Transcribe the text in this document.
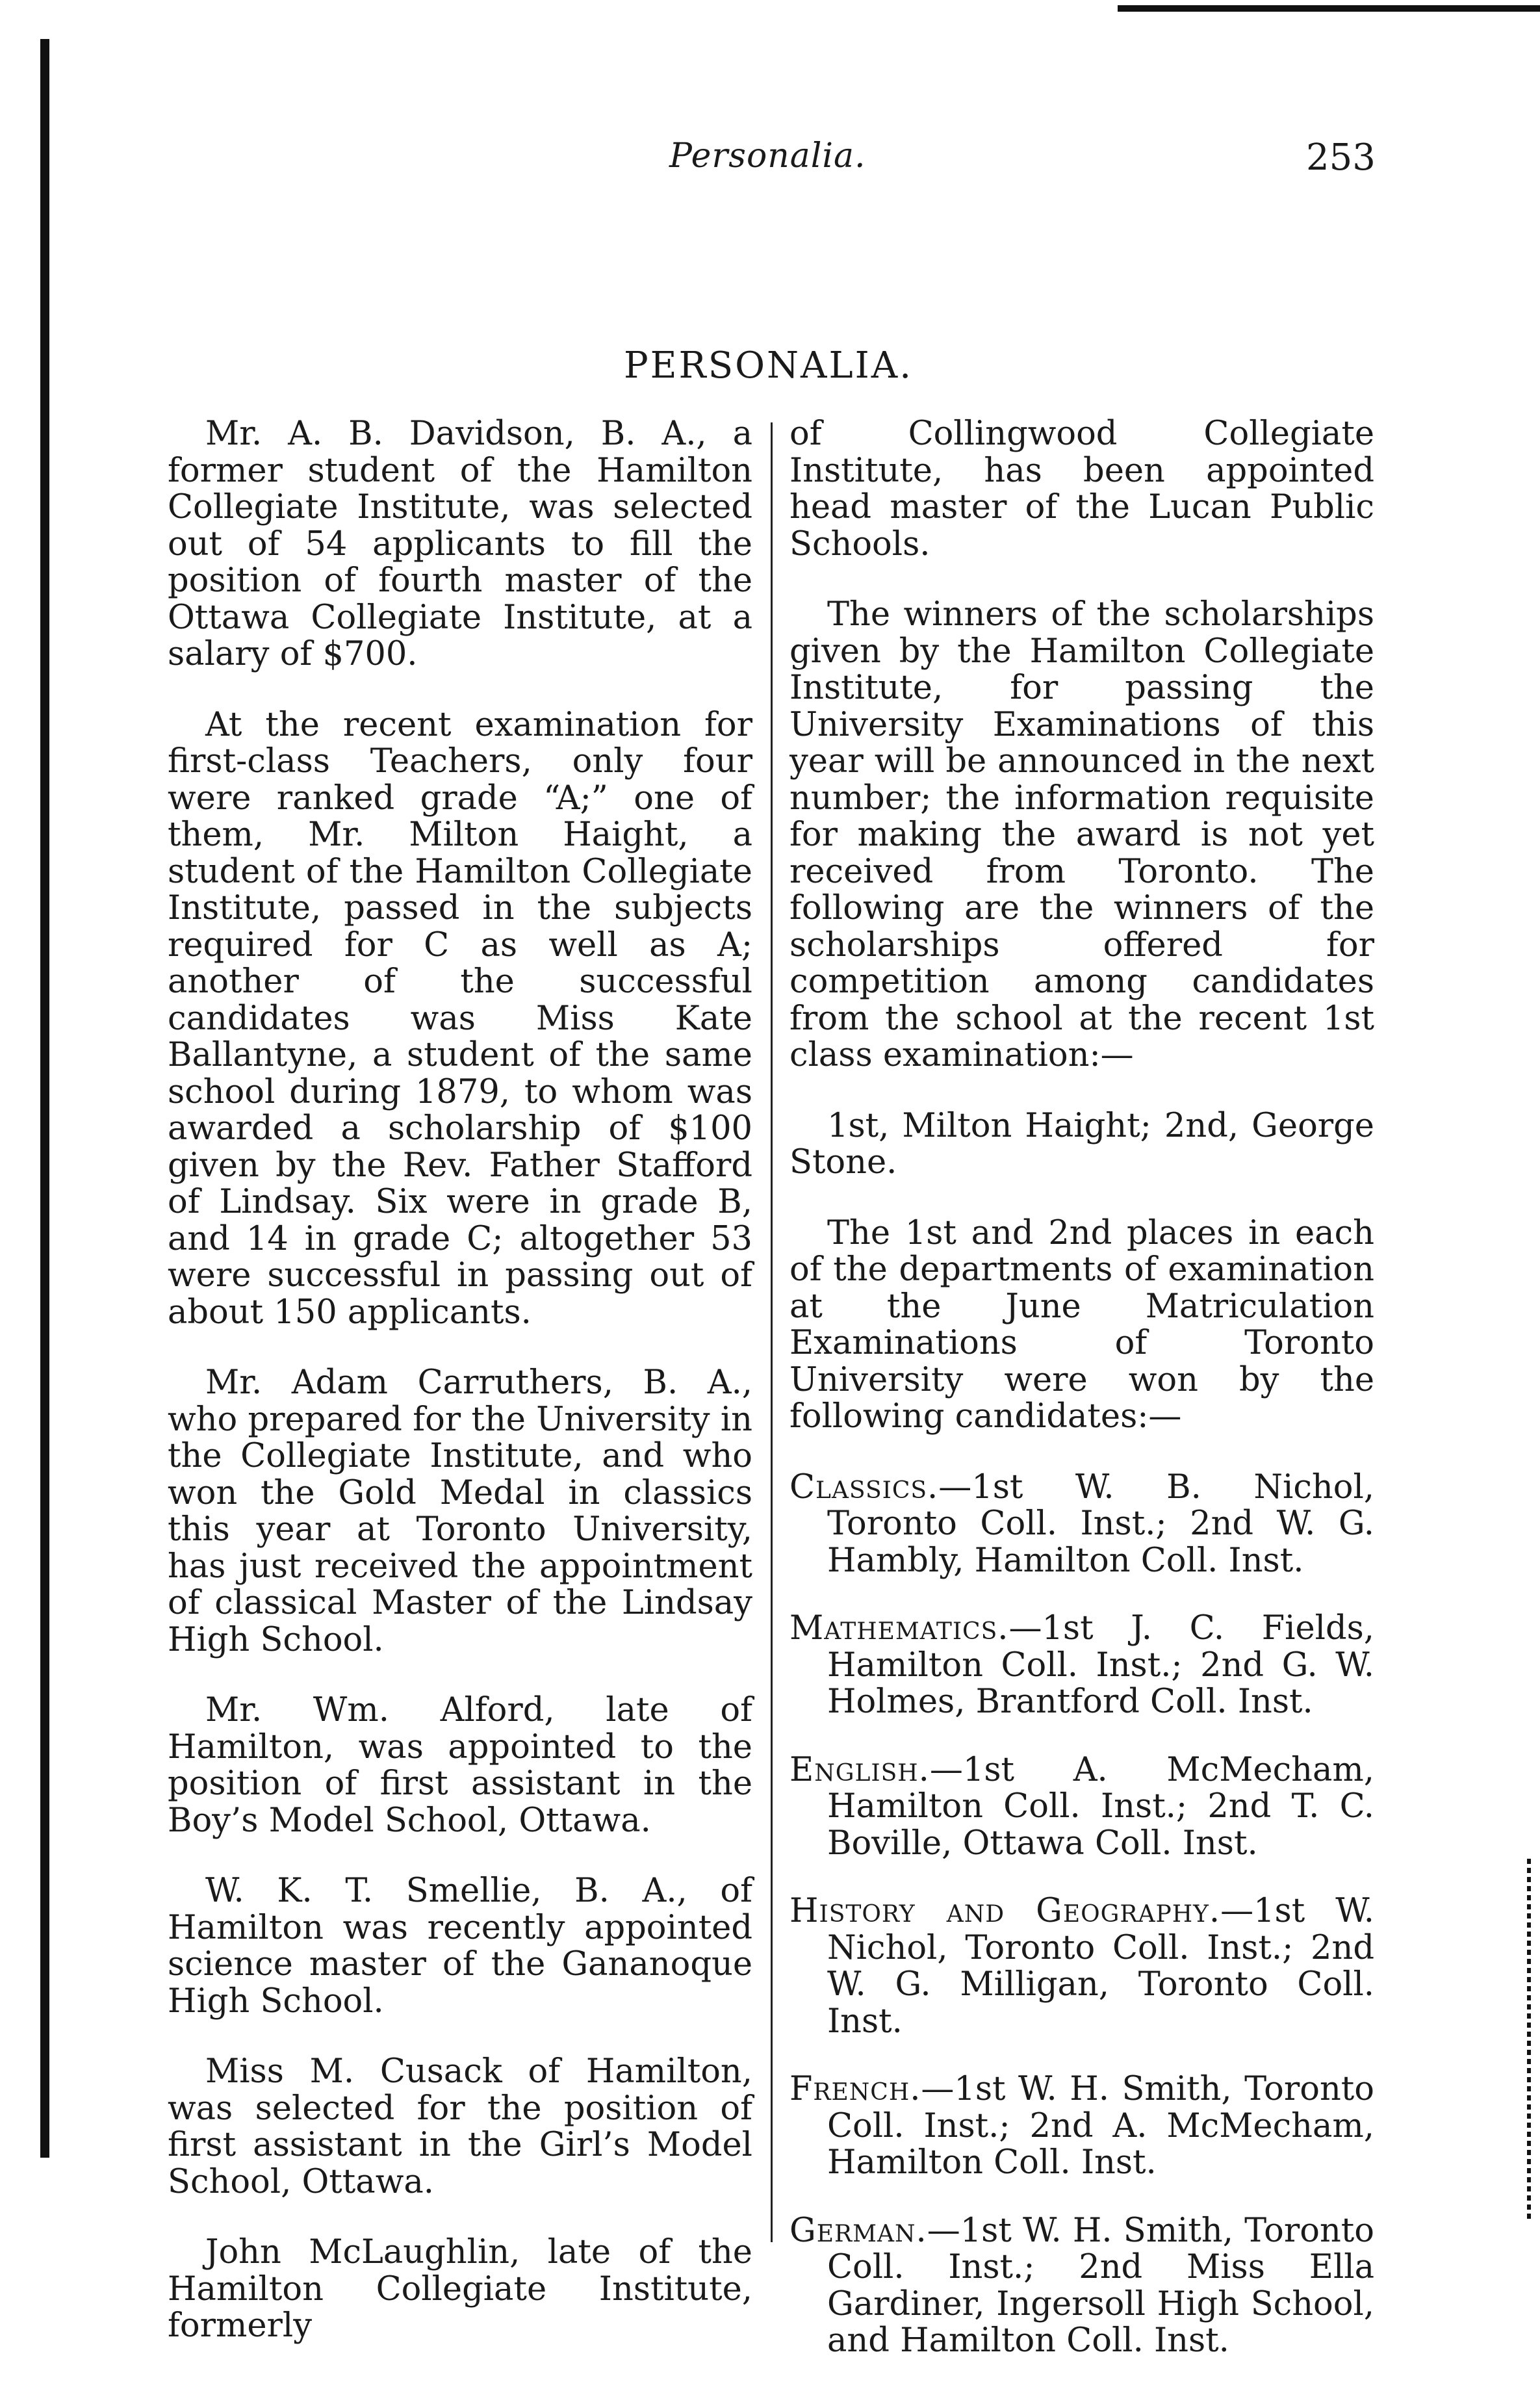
Personalia.	253
PERSONALIA.

Mr. A. B. Davidson, B. A., a former student of the Hamilton Collegiate Institute, was selected out of 54 applicants to fill the position of fourth master of the Ottawa Collegiate Institute, at a salary of $700.

At the recent examination for first-class Teachers, only four were ranked grade “A;” one of them, Mr. Milton Haight, a student of the Hamilton Collegiate Institute, passed in the subjects required for C as well as A; another of the successful candidates was Miss Kate Ballantyne, a student of the same school during 1879, to whom was awarded a scholarship of $100 given by the Rev. Father Stafford of Lindsay. Six were in grade B, and 14 in grade C; altogether 53 were successful in passing out of about 150 applicants.

Mr. Adam Carruthers, B. A., who prepared for the University in the Collegiate Institute, and who won the Gold Medal in classics this year at Toronto University, has just received the appointment of classical Master of the Lindsay High School.

Mr. Wm. Alford, late of Hamilton, was appointed to the position of first assistant in the Boy’s Model School, Ottawa.

W. K. T. Smellie, B. A., of Hamilton was recently appointed science master of the Gananoque High School.

Miss M. Cusack of Hamilton, was selected for the position of first assistant in the Girl’s Model School, Ottawa.

John McLaughlin, late of the Hamilton Collegiate Institute, formerly

of Collingwood Collegiate Institute, has been appointed head master of the Lucan Public Schools.

The winners of the scholarships given by the Hamilton Collegiate Institute, for passing the University Examinations of this year will be announced in the next number; the information requisite for making the award is not yet received from Toronto. The following are the winners of the scholarships offered for competition among candidates from the school at the recent 1st class examination:—

1st, Milton Haight; 2nd, George Stone.

The 1st and 2nd places in each of the departments of examination at the June Matriculation Examinations of Toronto University were won by the following candidates:—

Classics.—1st W. B. Nichol, Toronto Coll. Inst.; 2nd W. G. Hambly, Hamilton Coll. Inst.

Mathematics.—1st J. C. Fields, Hamilton Coll. Inst.; 2nd G. W. Holmes, Brantford Coll. Inst.

English.—1st A. McMecham, Hamilton Coll. Inst.; 2nd T. C. Boville, Ottawa Coll. Inst.

History and Geography.—1st W. Nichol, Toronto Coll. Inst.; 2nd W. G. Milligan, Toronto Coll. Inst.

French.—1st W. H. Smith, Toronto Coll. Inst.; 2nd A. McMecham, Hamilton Coll. Inst.

German.—1st W. H. Smith, Toronto Coll. Inst.; 2nd Miss Ella Gardiner, Ingersoll High School, and Hamilton Coll. Inst.
